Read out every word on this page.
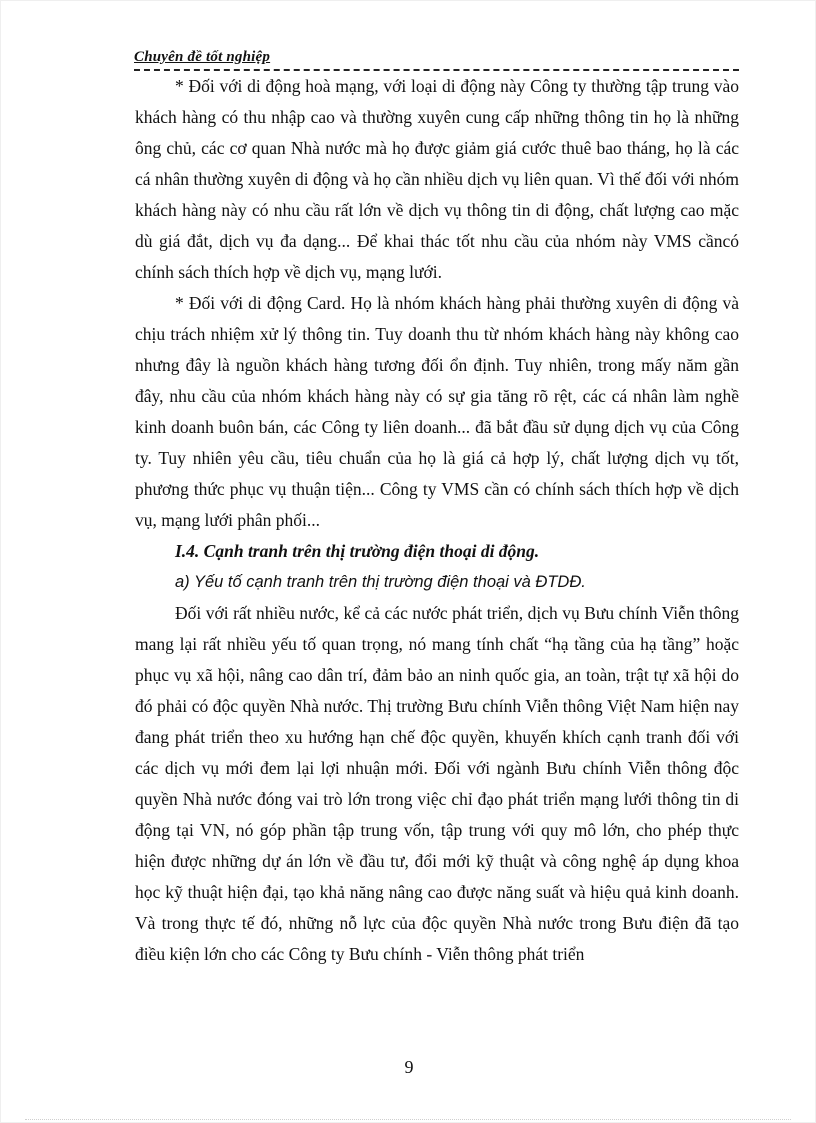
Chuyên đề tốt nghiệp

* Đối với di động hoà mạng, với loại di động này Công ty thường tập trung vào khách hàng có thu nhập cao và thường xuyên cung cấp những thông tin họ là những ông chủ, các cơ quan Nhà nước mà họ được giảm giá cước thuê bao tháng, họ là các cá nhân thường xuyên di động và họ cần nhiều dịch vụ liên quan. Vì thế đối với nhóm khách hàng này có nhu cầu rất lớn về dịch vụ thông tin di động, chất lượng cao mặc dù giá đắt, dịch vụ đa dạng... Để khai thác tốt nhu cầu của nhóm này VMS cầncó chính sách thích hợp về dịch vụ, mạng lưới.

* Đối với di động Card. Họ là nhóm khách hàng phải thường xuyên di động và chịu trách nhiệm xử lý thông tin. Tuy doanh thu từ nhóm khách hàng này không cao nhưng đây là nguồn khách hàng tương đối ổn định. Tuy nhiên, trong mấy năm gần đây, nhu cầu của nhóm khách hàng này có sự gia tăng rõ rệt, các cá nhân làm nghề kinh doanh buôn bán, các Công ty liên doanh... đã bắt đầu sử dụng dịch vụ của Công ty. Tuy nhiên yêu cầu, tiêu chuẩn của họ là giá cả hợp lý, chất lượng dịch vụ tốt, phương thức phục vụ thuận tiện... Công ty VMS cần có chính sách thích hợp về dịch vụ, mạng lưới phân phối...

I.4. Cạnh tranh trên thị trường điện thoại di động.

a) Yếu tố cạnh tranh trên thị trường điện thoại và ĐTDĐ.

Đối với rất nhiều nước, kể cả các nước phát triển, dịch vụ Bưu chính Viễn thông mang lại rất nhiều yếu tố quan trọng, nó mang tính chất “hạ tầng của hạ tầng” hoặc phục vụ xã hội, nâng cao dân trí, đảm bảo an ninh quốc gia, an toàn, trật tự xã hội do đó phải có độc quyền Nhà nước. Thị trường Bưu chính Viễn thông Việt Nam hiện nay đang phát triển theo xu hướng hạn chế độc quyền, khuyến khích cạnh tranh đối với các dịch vụ mới đem lại lợi nhuận mới. Đối với ngành Bưu chính Viễn thông độc quyền Nhà nước đóng vai trò lớn trong việc chỉ đạo phát triển mạng lưới thông tin di động tại VN, nó góp phần tập trung vốn, tập trung với quy mô lớn, cho phép thực hiện được những dự án lớn về đầu tư, đổi mới kỹ thuật và công nghệ áp dụng khoa học kỹ thuật hiện đại, tạo khả năng nâng cao được năng suất và hiệu quả kinh doanh. Và trong thực tế đó, những nỗ lực của độc quyền Nhà nước trong Bưu điện đã tạo điều kiện lớn cho các Công ty Bưu chính - Viễn thông phát triển

9
